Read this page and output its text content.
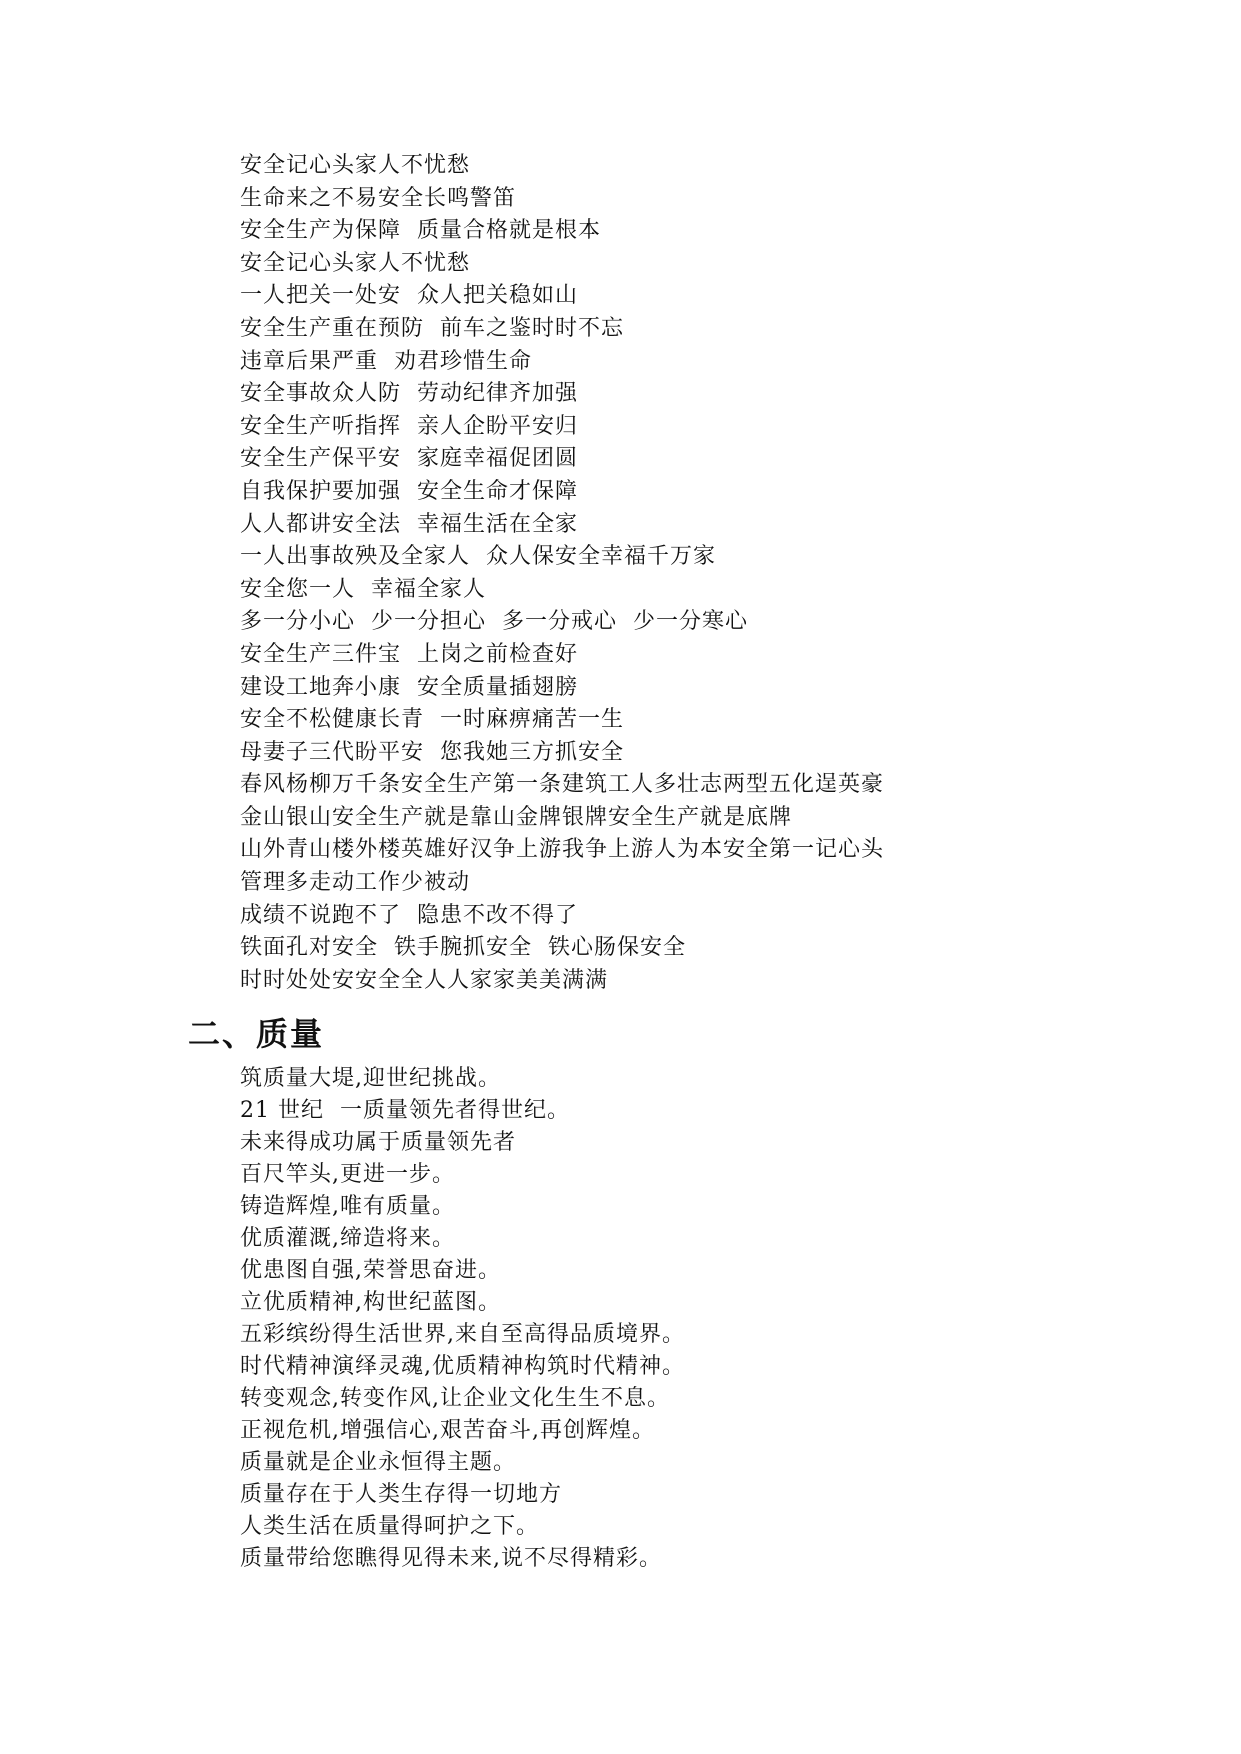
安全记心头家人不忧愁
生命来之不易安全长鸣警笛
安全生产为保障  质量合格就是根本
安全记心头家人不忧愁
一人把关一处安  众人把关稳如山
安全生产重在预防  前车之鉴时时不忘
违章后果严重  劝君珍惜生命
安全事故众人防  劳动纪律齐加强
安全生产听指挥  亲人企盼平安归
安全生产保平安  家庭幸福促团圆
自我保护要加强  安全生命才保障
人人都讲安全法  幸福生活在全家
一人出事故殃及全家人  众人保安全幸福千万家
安全您一人  幸福全家人
多一分小心  少一分担心  多一分戒心  少一分寒心
安全生产三件宝  上岗之前检查好
建设工地奔小康  安全质量插翅膀
安全不松健康长青  一时麻痹痛苦一生
母妻子三代盼平安  您我她三方抓安全
春风杨柳万千条安全生产第一条建筑工人多壮志两型五化逞英豪
金山银山安全生产就是靠山金牌银牌安全生产就是底牌
山外青山楼外楼英雄好汉争上游我争上游人为本安全第一记心头
管理多走动工作少被动
成绩不说跑不了  隐患不改不得了
铁面孔对安全  铁手腕抓安全  铁心肠保安全
时时处处安安全全人人家家美美满满
二、质量
筑质量大堤,迎世纪挑战。
21 世纪  一质量领先者得世纪。
未来得成功属于质量领先者
百尺竿头,更进一步。
铸造辉煌,唯有质量。
优质灌溉,缔造将来。
优患图自强,荣誉思奋进。
立优质精神,构世纪蓝图。
五彩缤纷得生活世界,来自至高得品质境界。
时代精神演绎灵魂,优质精神构筑时代精神。
转变观念,转变作风,让企业文化生生不息。
正视危机,增强信心,艰苦奋斗,再创辉煌。
质量就是企业永恒得主题。
质量存在于人类生存得一切地方
人类生活在质量得呵护之下。
质量带给您瞧得见得未来,说不尽得精彩。
